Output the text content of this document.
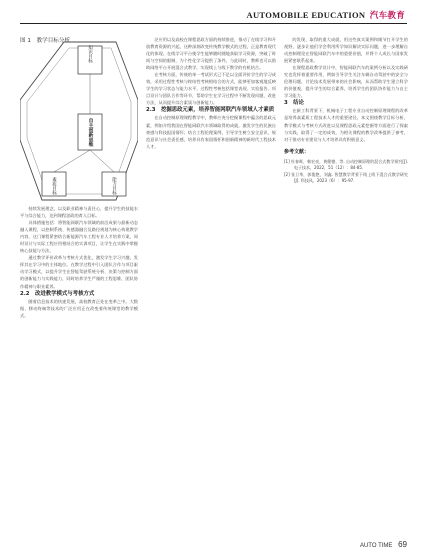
AUTOMOBILE EDUCATION 汽车教育
图 1　教学目标分析
知识目标
自主创新思维
素质目标	能力目标

持续发展理念，以及职业精神与责任心，提升学生的技能水平与综合能力，达到课程思政的育人目标。

具体措施包括：将智能网联汽车领域的前沿成果与最新动态融入课程，以控制系统、传感器融合及路径规划为核心构建教学内容，这门课程紧密结合新能源汽车工程专业人才培养方案，同时设计与实际工程应用相结合的实训项目，让学生在实践中掌握核心技能与方法。

通过教学评价改革与考核方式优化，激发学生学习兴趣，发挥其在学习中的主体地位。在教学过程中引入团队合作与项目驱动学习模式，以提升学生在智能驾驶系统分析、决策与控制方面的创新能力与实践能力，同时培养学生严谨的工程思维、团队协作精神与职业素养。

2.2　改进教学模式与考核方式

随着信息技术的快速发展，高校教育正处在变革之中。大数据、移动终端等技术的广泛应用正在改变着传统课堂的教学模式。

泛应用以及高校在课程思政方面的持续推进，推动了在线学习和开放教育资源的兴起，这种深刻改变传统教学模式的过程，正是教育现代化的体现。在线学习平台使学生能够随时随地获取学习资源，突破了时间与空间的限制，为个性化学习提供了条件。与此同时，教师也可以借助网络平台开展混合式教学，实现线上与线下教学的有机结合。

在考核方面，传统的单一考试形式已不足以全面评价学生的学习成效，采用过程性考核与终结性考核相结合的方式，能够更加客观地反映学生的学习状态与能力水平。过程性考核包括课堂表现、实验报告、项目设计与团队合作等环节，帮助学生在学习过程中不断发现问题、改进方法，从而提升综合素质与创新能力。

2.3　挖掘思政元素，培养智能网联汽车领域人才素质

在自动控制原理课程教学中，教师应充分挖掘课程中蕴含的思政元素，例如介绍我国在智能网联汽车领域取得的成就，激发学生的民族自豪感与科技报国情怀；结合工程伦理案例，引导学生树立安全意识、规范意识与社会责任感，培养具有家国情怀和创新精神的新时代工程技术人才。

的发现、取得的重大成就，用这些真实案例和细节打开学生的视野，逐步让他们学会利用所学知识解决实际问题，进一步理解自动控制理论在智能网联汽车中的重要价值，并将个人成长与国家发展紧密联系起来。

在课程思政教学设计中，智能网联汽车的案例分析以及实践研究也发挥着重要作用，例如引导学生关注车辆自动驾驶中的安全与伦理问题，讨论技术发展带来的社会影响，从而帮助学生建立科学的价值观，提升学生的综合素养，培养学生的团队协作能力与自主学习能力。

3　结论

在新工科背景下，机械电子工程专业自动控制原理课程的改革是培养高素质工程技术人才的重要途径。本文围绕教学目标分析、教学模式与考核方式改进以及课程思政元素挖掘等方面进行了探索与实践，取得了一定的成效，为相关课程的教学改革提供了参考，对于推动专业建设与人才培养具有积极意义。

参考文献：

[1] 杜春晖，韩宏亮，黄健德，等. 自动控制原理的混合式教学探究[J]. 电子技术，2022，51（12）：84-85.

[2] 张卫华，郭俊艳，刘鑫. 智慧教学背景下线上线下混合式教学研究[J]. 科技风，2023（6）：95-97.

AUTO TIME 69
